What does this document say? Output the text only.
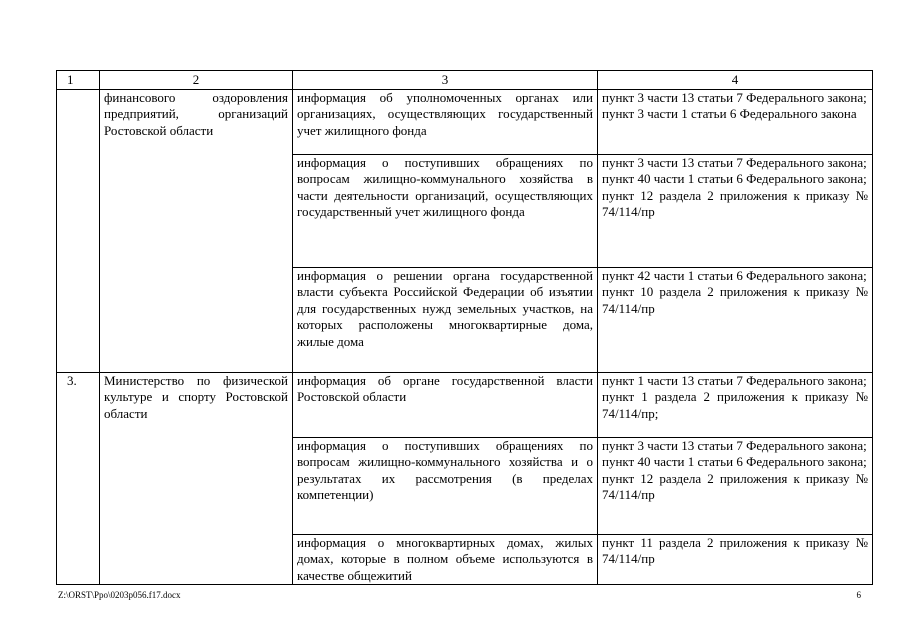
1	2	3	4
	финансового оздоровления предприятий, организаций Ростовской области	информация об уполномоченных органах или организациях, осуществляющих государственный учет жилищного фонда	пункт 3 части 13 статьи 7 Федерального закона;
пункт 3 части 1 статьи 6 Федерального закона

		информация о поступивших обращениях по вопросам жилищно-коммунального хозяйства в части деятельности организаций, осуществляющих государственный учет жилищного фонда	пункт 3 части 13 статьи 7 Федерального закона;
пункт 40 части 1 статьи 6 Федерального закона;
пункт 12 раздела 2 приложения к приказу № 74/114/пр

		информация о решении органа государственной власти субъекта Российской Федерации об изъятии для государственных нужд земельных участков, на которых расположены многоквартирные дома, жилые дома	пункт 42 части 1 статьи 6 Федерального закона;
пункт 10 раздела 2 приложения к приказу № 74/114/пр

3.	Министерство по физической культуре и спорту Ростовской области	информация об органе государственной власти Ростовской области	пункт 1 части 13 статьи 7 Федерального закона;
пункт 1 раздела 2 приложения к приказу № 74/114/пр;

		информация о поступивших обращениях по вопросам жилищно-коммунального хозяйства и о результатах их рассмотрения (в пределах компетенции)	пункт 3 части 13 статьи 7 Федерального закона;
пункт 40 части 1 статьи 6 Федерального закона;
пункт 12 раздела 2 приложения к приказу № 74/114/пр

		информация о многоквартирных домах, жилых домах, которые в полном объеме используются в качестве общежитий	пункт 11 раздела 2 приложения к приказу № 74/114/пр
Z:\ORST\Ppo\0203p056.f17.docx	6
